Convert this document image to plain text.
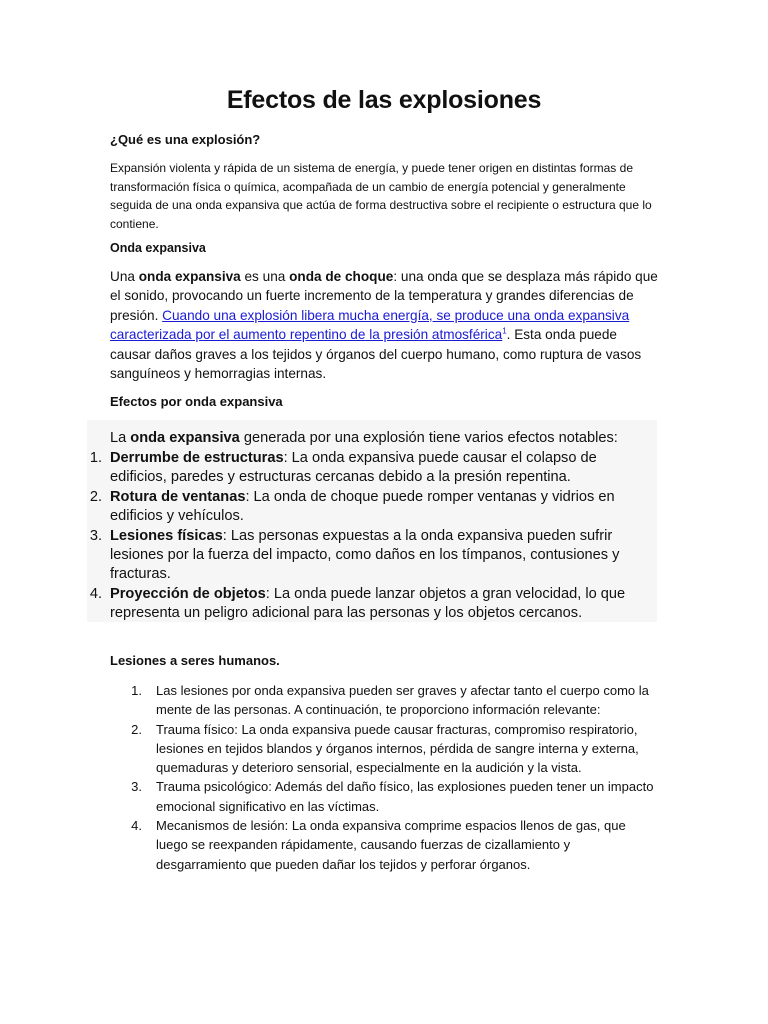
Efectos de las explosiones
¿Qué es una explosión?

Expansión violenta y rápida de un sistema de energía, y puede tener origen en distintas formas de transformación física o química, acompañada de un cambio de energía potencial y generalmente seguida de una onda expansiva que actúa de forma destructiva sobre el recipiente o estructura que lo contiene.

Onda expansiva

Una onda expansiva es una onda de choque: una onda que se desplaza más rápido que el sonido, provocando un fuerte incremento de la temperatura y grandes diferencias de presión. Cuando una explosión libera mucha energía, se produce una onda expansiva caracterizada por el aumento repentino de la presión atmosférica$^1$. Esta onda puede causar daños graves a los tejidos y órganos del cuerpo humano, como ruptura de vasos sanguíneos y hemorragias internas.

Efectos por onda expansiva

La onda expansiva generada por una explosión tiene varios efectos notables:

1. Derrumbe de estructuras: La onda expansiva puede causar el colapso de edificios, paredes y estructuras cercanas debido a la presión repentina.
2. Rotura de ventanas: La onda de choque puede romper ventanas y vidrios en edificios y vehículos.
3. Lesiones físicas: Las personas expuestas a la onda expansiva pueden sufrir lesiones por la fuerza del impacto, como daños en los tímpanos, contusiones y fracturas.
4. Proyección de objetos: La onda puede lanzar objetos a gran velocidad, lo que representa un peligro adicional para las personas y los objetos cercanos.
Lesiones a seres humanos.
1. Las lesiones por onda expansiva pueden ser graves y afectar tanto el cuerpo como la mente de las personas. A continuación, te proporciono información relevante:
2. Trauma físico: La onda expansiva puede causar fracturas, compromiso respiratorio, lesiones en tejidos blandos y órganos internos, pérdida de sangre interna y externa, quemaduras y deterioro sensorial, especialmente en la audición y la vista.
3. Trauma psicológico: Además del daño físico, las explosiones pueden tener un impacto emocional significativo en las víctimas.
4. Mecanismos de lesión: La onda expansiva comprime espacios llenos de gas, que luego se reexpanden rápidamente, causando fuerzas de cizallamiento y desgarramiento que pueden dañar los tejidos y perforar órganos.
